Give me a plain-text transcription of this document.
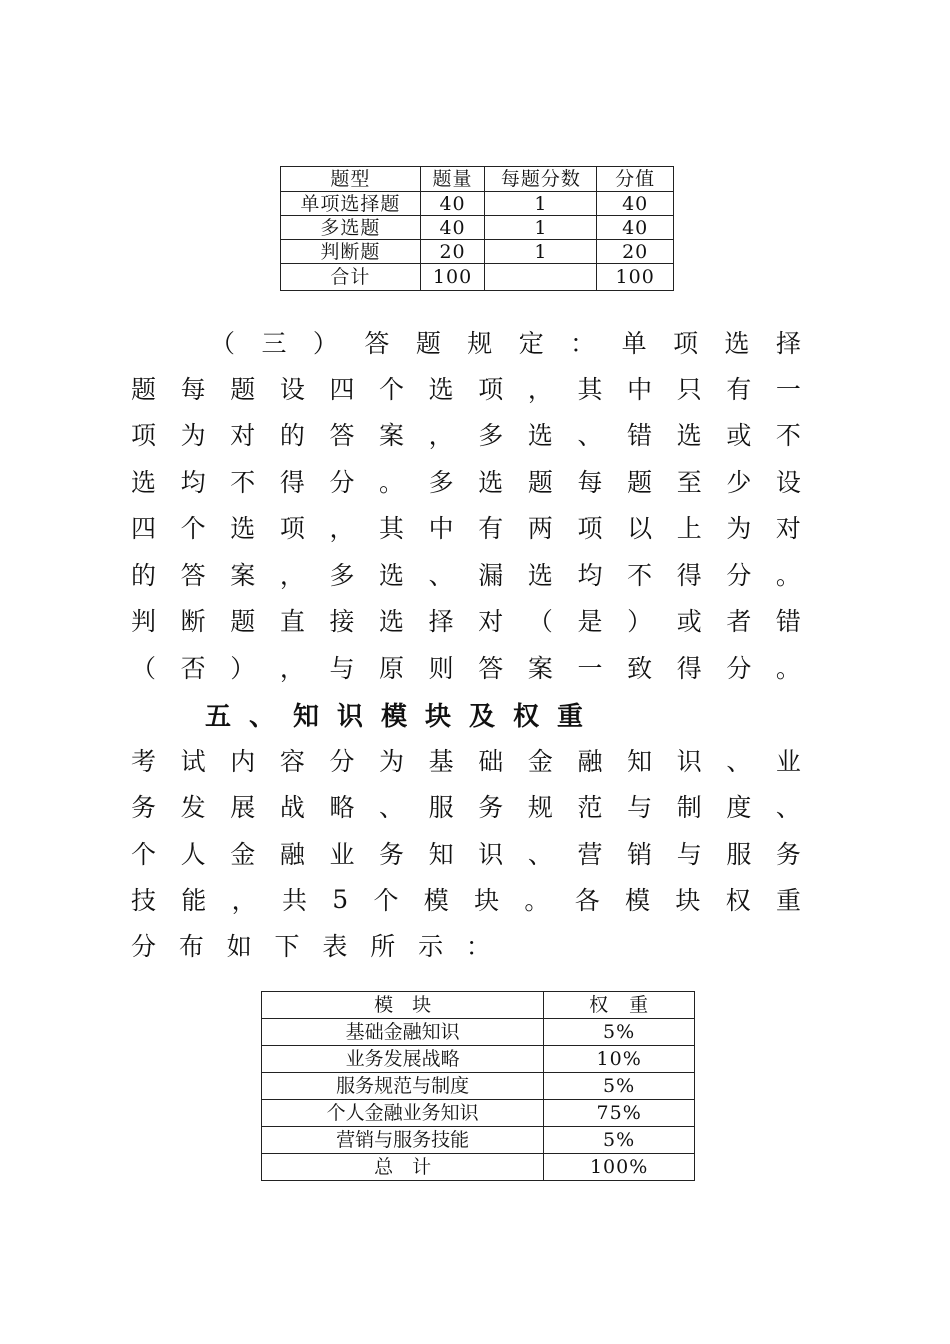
题型	题量	每题分数	分值
单项选择题	40	1	40
多选题	40	1	40
判断题	20	1	20
合计	100		100
（ 三 ） 答 题 规 定 ： 单 项 选 择
题 每 题 设 四 个 选 项 ， 其 中 只 有 一
项 为 对 的 答 案 ， 多 选 、 错 选 或 不
选 均 不 得 分 。 多 选 题 每 题 至 少 设
四 个 选 项 ， 其 中 有 两 项 以 上 为 对
的 答 案 ， 多 选 、 漏 选 均 不 得 分 。
判 断 题 直 接 选 择 对 （ 是 ） 或 者 错
（ 否 ） ， 与 原 则 答 案 一 致 得 分 。
五、知识模块及权重
考 试 内 容 分 为 基 础 金 融 知 识 、 业
务 发 展 战 略 、 服 务 规 范 与 制 度 、
个 人 金 融 业 务 知 识 、 营 销 与 服 务
技 能 ， 共 5 个 模 块 。 各 模 块 权 重
分 布 如 下 表 所 示 ：
模　块	权　重
基础金融知识	5%
业务发展战略	10%
服务规范与制度	5%
个人金融业务知识	75%
营销与服务技能	5%
总　计	100%
